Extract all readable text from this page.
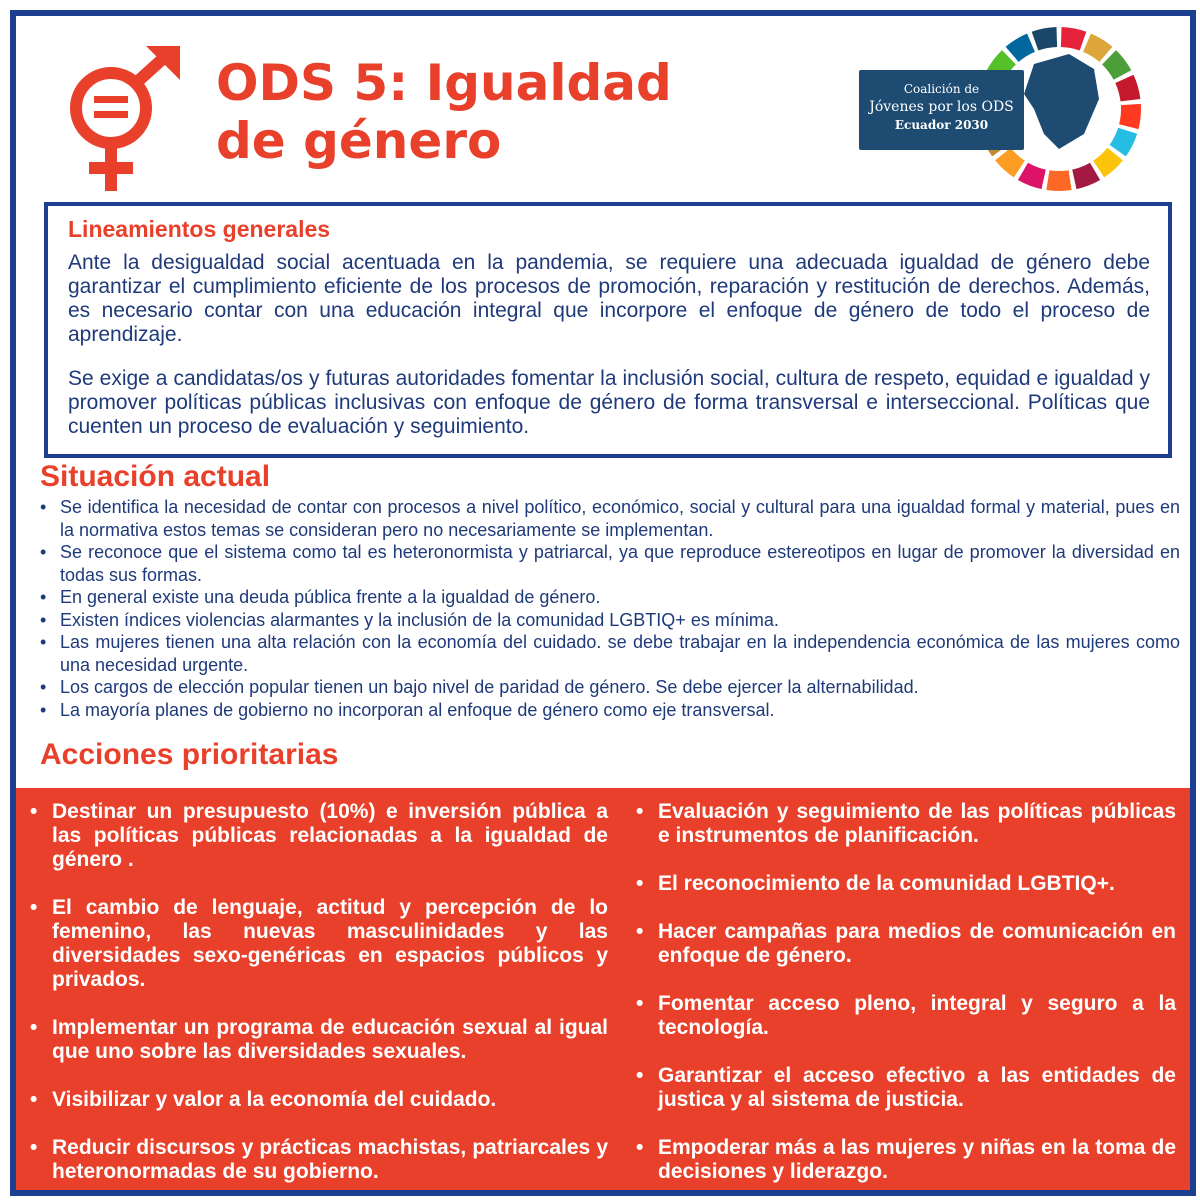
ODS 5: Igualdad
de género
Coalición de
Jóvenes por los ODS
Ecuador 2030
Lineamientos generales

Ante la desigualdad social acentuada en la pandemia, se requiere una adecuada igualdad de género debe garantizar el cumplimiento eficiente de los procesos de promoción, reparación y restitución de derechos. Además, es necesario contar con una educación integral que incorpore el enfoque de género de todo el proceso de aprendizaje.

Se exige a candidatas/os y futuras autoridades fomentar la inclusión social, cultura de respeto, equidad e igualdad y promover políticas públicas inclusivas con enfoque de género de forma transversal e interseccional. Políticas que cuenten un proceso de evaluación y seguimiento.

Situación actual
• Se identifica la necesidad de contar con procesos a nivel político, económico, social y cultural para una igualdad formal y material, pues en la normativa estos temas se consideran pero no necesariamente se implementan.
• Se reconoce que el sistema como tal es heteronormista y patriarcal, ya que reproduce estereotipos en lugar de promover la diversidad en todas sus formas.
• En general existe una deuda pública frente a la igualdad de género.
• Existen índices violencias alarmantes y la inclusión de la comunidad LGBTIQ+ es mínima.
• Las mujeres tienen una alta relación con la economía del cuidado. se debe trabajar en la independencia económica de las mujeres como una necesidad urgente.
• Los cargos de elección popular tienen un bajo nivel de paridad de género. Se debe ejercer la alternabilidad.
• La mayoría planes de gobierno no incorporan al enfoque de género como eje transversal.
Acciones prioritarias
• Destinar un presupuesto (10%) e inversión pública a las políticas públicas relacionadas a la igualdad de género .
• El cambio de lenguaje, actitud y percepción de lo femenino, las nuevas masculinidades y las diversidades sexo-genéricas en espacios públicos y privados.
• Implementar un programa de educación sexual al igual que uno sobre las diversidades sexuales.
• Visibilizar y valor a la economía del cuidado.
• Reducir discursos y prácticas machistas, patriarcales y heteronormadas de su gobierno.
• Evaluación y seguimiento de las políticas públicas e instrumentos de planificación.
• El reconocimiento de la comunidad LGBTIQ+.
• Hacer campañas para medios de comunicación en enfoque de género.
• Fomentar acceso pleno, integral y seguro a la tecnología.
• Garantizar el acceso efectivo a las entidades de justica y al sistema de justicia.
• Empoderar más a las mujeres y niñas en la toma de decisiones y liderazgo.
